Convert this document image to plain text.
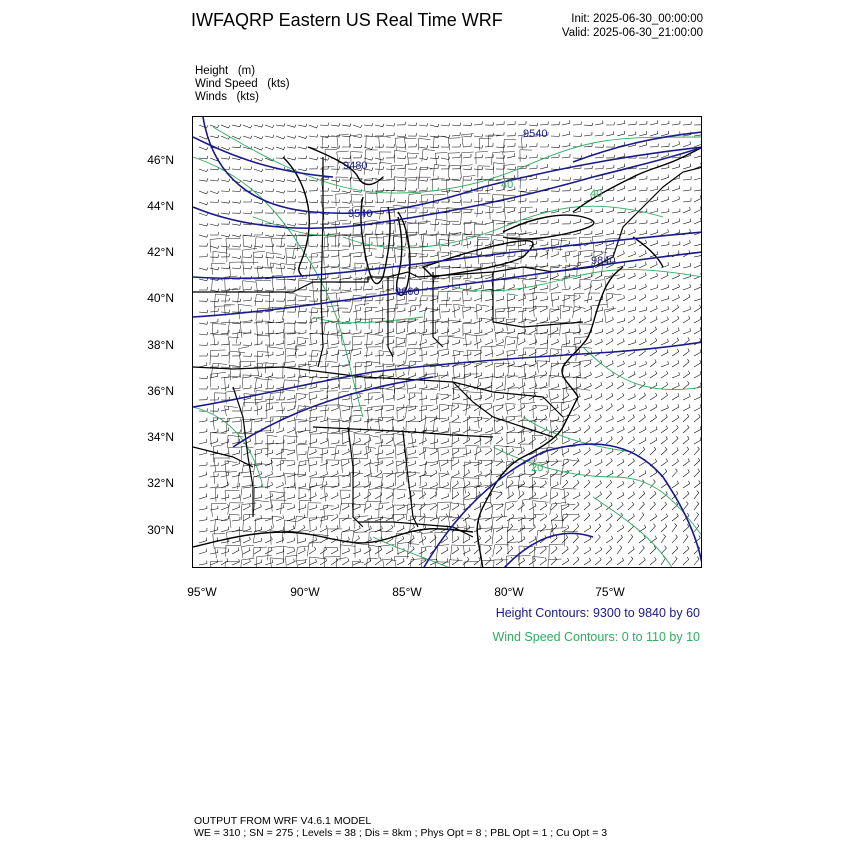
IWFAQRP Eastern US Real Time WRF	Init: 2025-06-30_00:00:00
Valid: 2025-06-30_21:00:00
Height (m)
Wind Speed (kts)
Winds (kts)
9540
9480
9540
9840
9660
40
40
20
46°N
44°N
42°N
40°N
38°N
36°N
34°N
32°N
30°N
95°W	90°W	85°W	80°W	75°W
Height Contours: 9300 to 9840 by 60
Wind Speed Contours: 0 to 110 by 10
OUTPUT FROM WRF V4.6.1 MODEL
WE = 310 ; SN = 275 ; Levels = 38 ; Dis = 8km ; Phys Opt = 8 ; PBL Opt = 1 ; Cu Opt = 3
